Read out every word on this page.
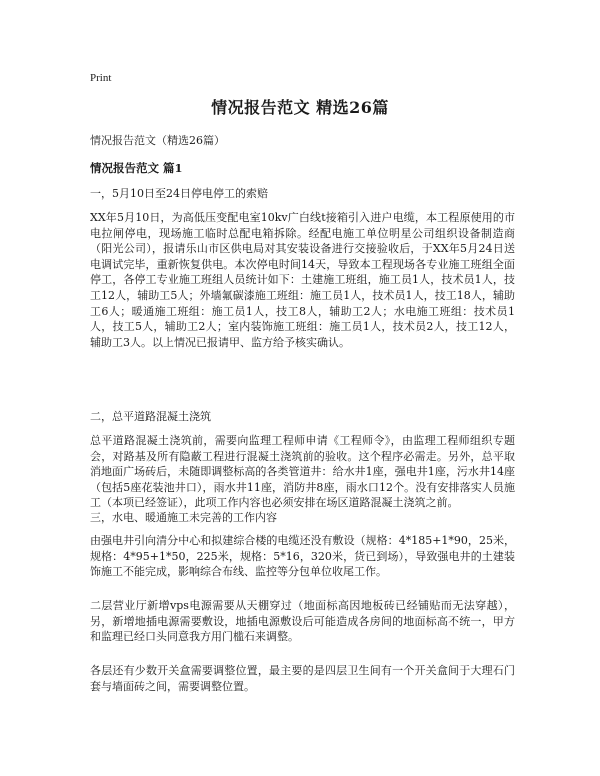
Print
情况报告范文 精选26篇
情况报告范文（精选26篇）
情况报告范文 篇1
一，5月10日至24日停电停工的索赔

XX年5月10日，为高低压变配电室10kv广白线t接箱引入进户电缆，本工程原使用的市电拉闸停电，现场施工临时总配电箱拆除。经配电施工单位明星公司组织设备制造商（阳光公司），报请乐山市区供电局对其安装设备进行交接验收后，于XX年5月24日送电调试完毕，重新恢复供电。本次停电时间14天，导致本工程现场各专业施工班组全面停工，各停工专业施工班组人员统计如下：土建施工班组，施工员1人，技术员1人，技工12人，辅助工5人；外墙氟碳漆施工班组：施工员1人，技术员1人，技工18人，辅助工6人；暖通施工班组：施工员1人，技工8人，辅助工2人；水电施工班组：技术员1人，技工5人，辅助工2人；室内装饰施工班组：施工员1人，技术员2人，技工12人，辅助工3人。以上情况已报请甲、监方给予核实确认。

二，总平道路混凝土浇筑

总平道路混凝土浇筑前，需要向监理工程师申请《工程师令》，由监理工程师组织专题会，对路基及所有隐蔽工程进行混凝土浇筑前的验收。这个程序必需走。另外，总平取消地面广场砖后，未随即调整标高的各类管道井：给水井1座，强电井1座，污水井14座（包括5座花装池井口），雨水井11座，消防井8座，雨水口12个。没有安排落实人员施工（本项已经签证），此项工作内容也必须安排在场区道路混凝土浇筑之前。

三，水电、暖通施工未完善的工作内容

由强电井引向清分中心和拟建综合楼的电缆还没有敷设（规格：4*185+1*90，25米，规格：4*95+1*50，225米，规格：5*16，320米，货已到场），导致强电井的土建装饰施工不能完成，影响综合布线、监控等分包单位收尾工作。

二层营业厅新增vps电源需要从天棚穿过（地面标高因地板砖已经铺贴而无法穿越），另，新增地插电源需要敷设，地插电源敷设后可能造成各房间的地面标高不统一，甲方和监理已经口头同意我方用门槛石来调整。

各层还有少数开关盒需要调整位置，最主要的是四层卫生间有一个开关盒间于大理石门套与墙面砖之间，需要调整位置。
